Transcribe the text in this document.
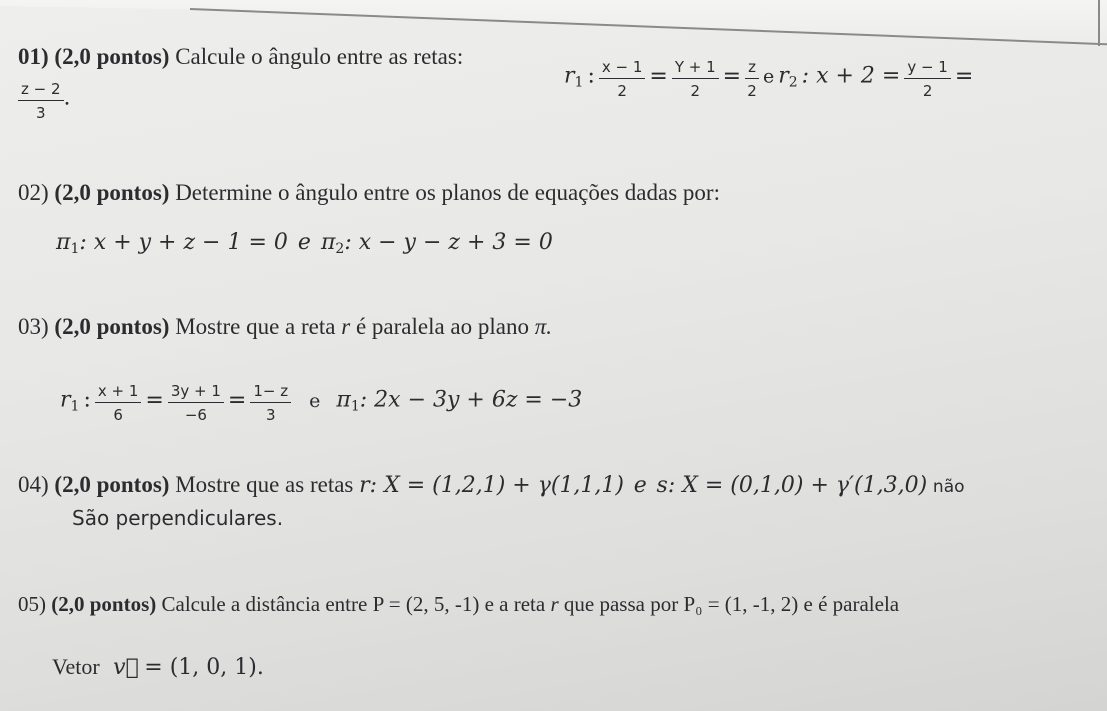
01) (2,0 pontos) Calcule o ângulo entre as retas:
r1 : $\frac{x - 1}{2} = \frac{Y + 1}{2} = \frac{z}{2}$ e r2 : $x + 2 = \frac{y - 1}{2}$ =
$\frac{z - 2}{3}$ .
02) (2,0 pontos) Determine o ângulo entre os planos de equações dadas por:
π1: x + y + z − 1 = 0 e π2: x − y − z + 3 = 0
03) (2,0 pontos) Mostre que a reta r é paralela ao plano π.
r1 : $\frac{x + 1}{6} = \frac{3y + 1}{-6} = \frac{1- z}{3}$ e π1: 2x − 3y + 6z = −3
04) (2,0 pontos) Mostre que as retas r: X = (1,2,1) + γ(1,1,1) e s: X = (0,1,0) + γ′(1,3,0) não
São perpendiculares.
05) (2,0 pontos) Calcule a distância entre P = (2, 5, -1) e a reta r que passa por P₀ = (1, -1, 2) e é paralela
Vetor v⃗ = (1, 0, 1).
